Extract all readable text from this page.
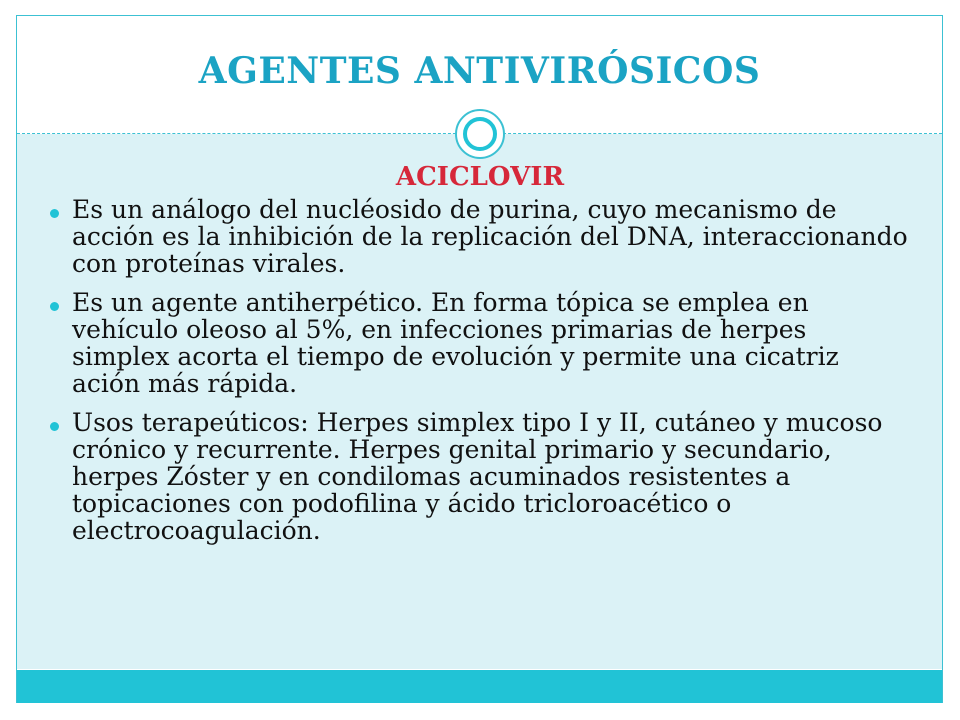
AGENTES ANTIVIRÓSICOS
ACICLOVIR
Es un análogo del nucléosido de purina, cuyo mecanismo de acción es la inhibición de la replicación del DNA, interaccionando con proteínas virales.
Es un agente antiherpético. En forma tópica se emplea en vehículo oleoso al 5%, en infecciones primarias de herpes simplex acorta el tiempo de evolución y permite una cicatriz ación más rápida.
Usos terapeúticos: Herpes simplex tipo I y II, cutáneo y mucoso crónico y recurrente. Herpes genital primario y secundario, herpes Zóster y en condilomas acuminados resistentes a topicaciones con podofilina y ácido tricloroacético o electrocoagulación.
